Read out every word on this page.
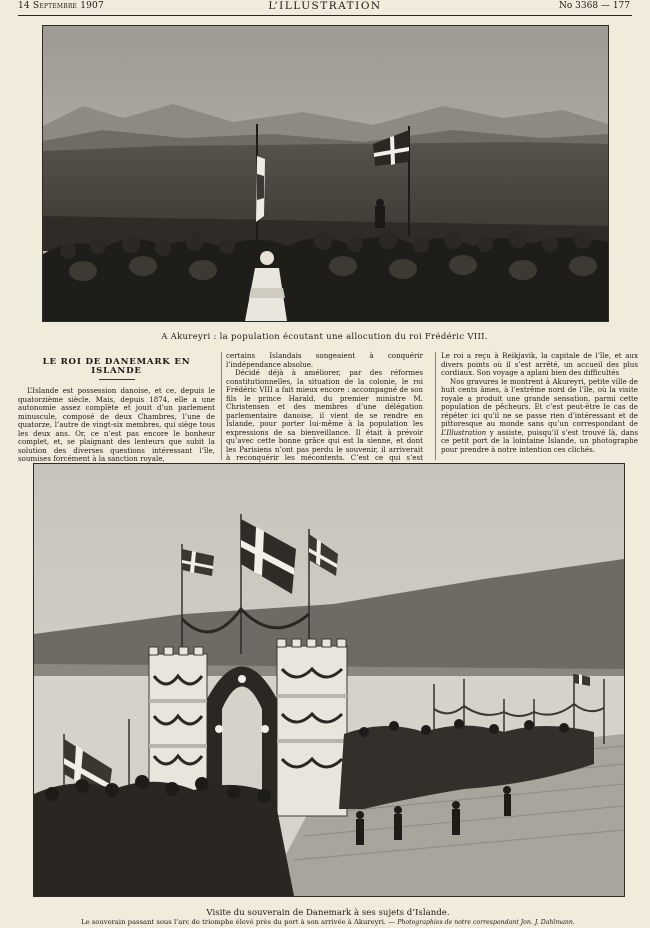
14 Septembre 1907	L’ILLUSTRATION	No 3368 — 177
A Akureyri : la population écoutant une allocution du roi Frédéric VIII.
LE ROI DE DANEMARK EN ISLANDE

L’Islande est possession danoise, et ce, depuis le quatorzième siècle. Mais, depuis 1874, elle a une autonomie assez complète et jouit d’un parlement minuscule, composé de deux Chambres, l’une de quatorze, l’autre de vingt-six membres, qui siège tous les deux ans. Or, ce n’est pas encore le bonheur complet, et, se plaignant des lenteurs que subit la solution des diverses questions intéressant l’île, soumises forcément à la sanction royale,

certains Islandais songeaient à conquérir l’indépendance absolue.

Décidé déjà à améliorer, par des réformes constitutionnelles, la situation de la colonie, le roi Frédéric VIII a fait mieux encore : accompagné de son fils le prince Harald, du premier ministre M. Christensen et des membres d’une délégation parlementaire danoise, il vient de se rendre en Islande, pour porter lui-même à la population les expressions de sa bienveillance. Il était à prévoir qu’avec cette bonne grâce qui est la sienne, et dont les Parisiens n’ont pas perdu le souvenir, il arriverait à reconquérir les mécontents. C’est ce qui s’est

Le roi a reçu à Reikjavik, la capitale de l’île, et aux divers points où il s’est arrêté, un accueil des plus cordiaux. Son voyage a aplani bien des difficultés

Nos gravures le montrent à Akureyri, petite ville de huit cents âmes, à l’extrême nord de l’île, où la visite royale a produit une grande sensation, parmi cette population de pêcheurs. Et c’est peut-être le cas de répéter ici qu’il ne se passe rien d’intéressant et de pittoresque au monde sans qu’un correspondant de L’Illustration y assiste, puisqu’il s’est trouvé là, dans ce petit port de la lointaine Islande, un photographe pour prendre à notre intention ces clichés.

Visite du souverain de Danemark à ses sujets d’Islande.
Le souverain passant sous l’arc de triomphe élevé près du port à son arrivée à Akureyri. — Photographies de notre correspondant Jon. J. Dahlmann.
